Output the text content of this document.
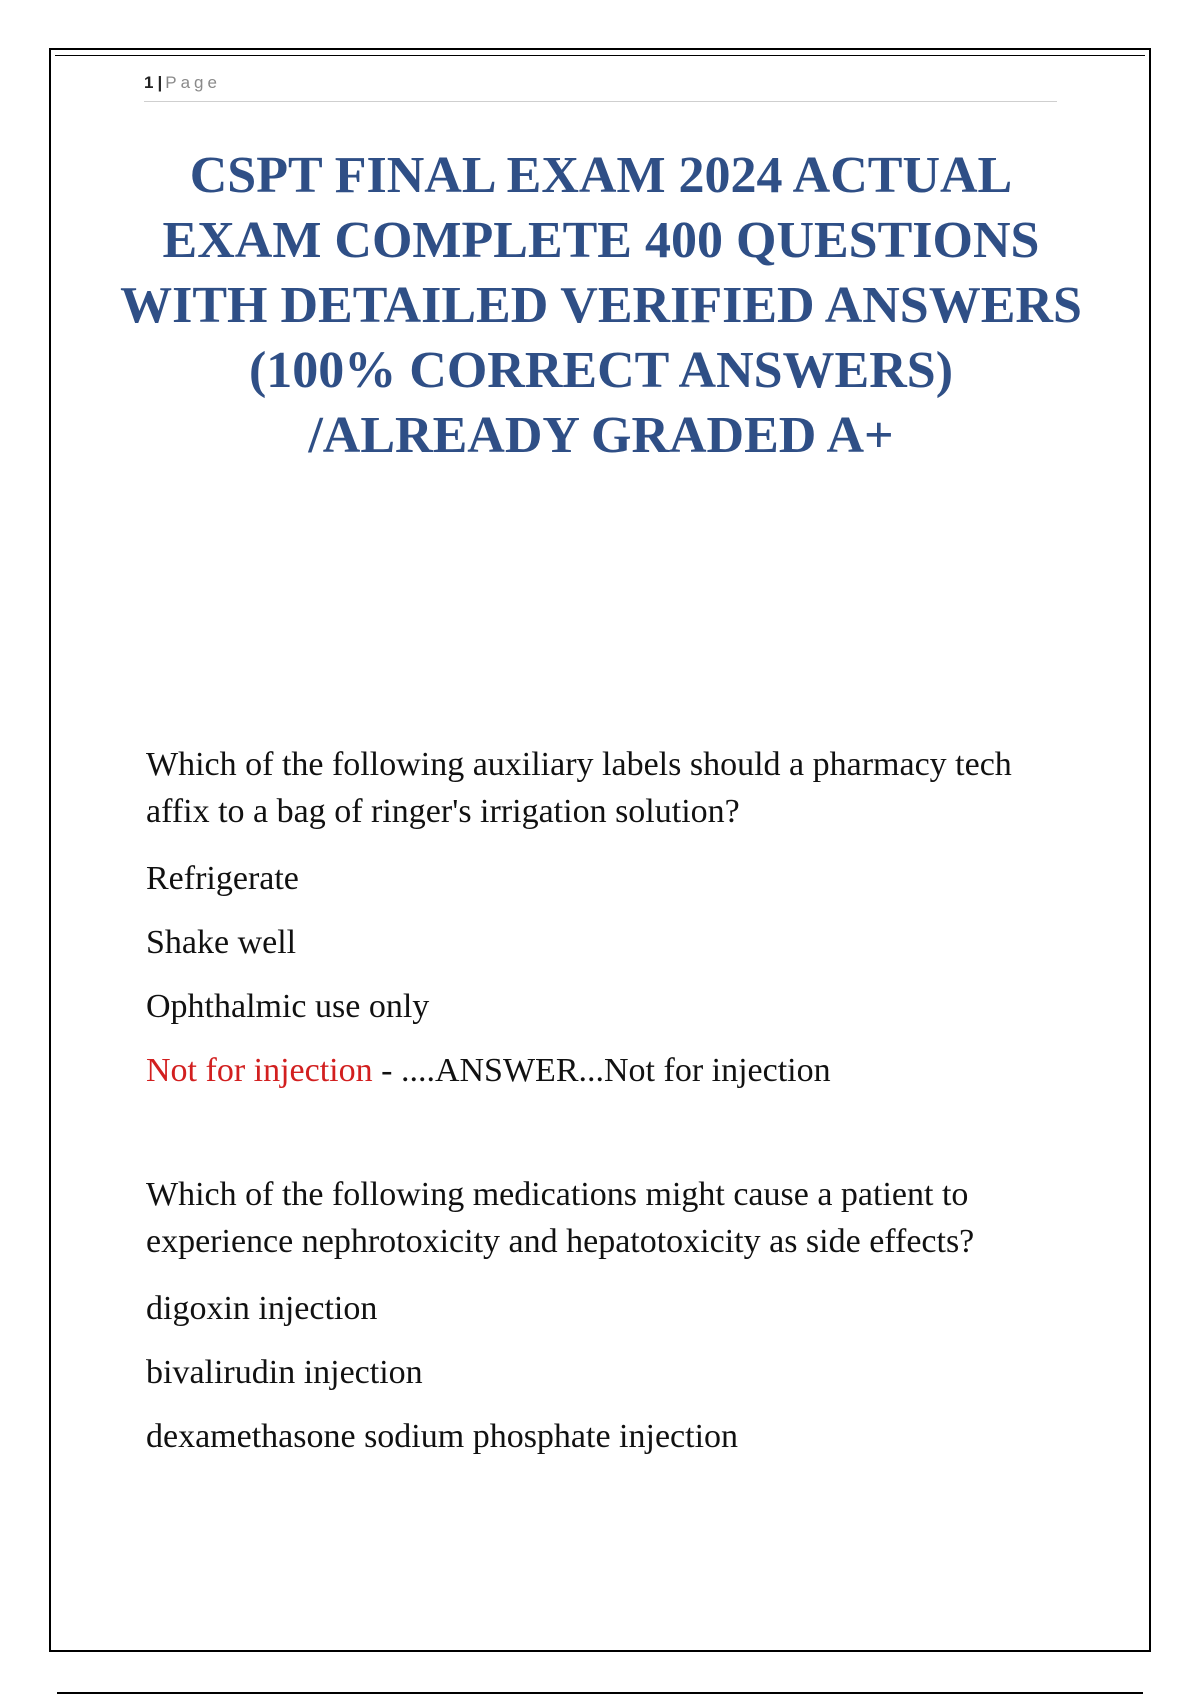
1 | Page
CSPT FINAL EXAM 2024 ACTUAL EXAM COMPLETE 400 QUESTIONS WITH DETAILED VERIFIED ANSWERS (100% CORRECT ANSWERS) /ALREADY GRADED A+

Which of the following auxiliary labels should a pharmacy tech affix to a bag of ringer's irrigation solution?

Refrigerate

Shake well

Ophthalmic use only

Not for injection - ....ANSWER...Not for injection

Which of the following medications might cause a patient to experience nephrotoxicity and hepatotoxicity as side effects?

digoxin injection

bivalirudin injection

dexamethasone sodium phosphate injection
